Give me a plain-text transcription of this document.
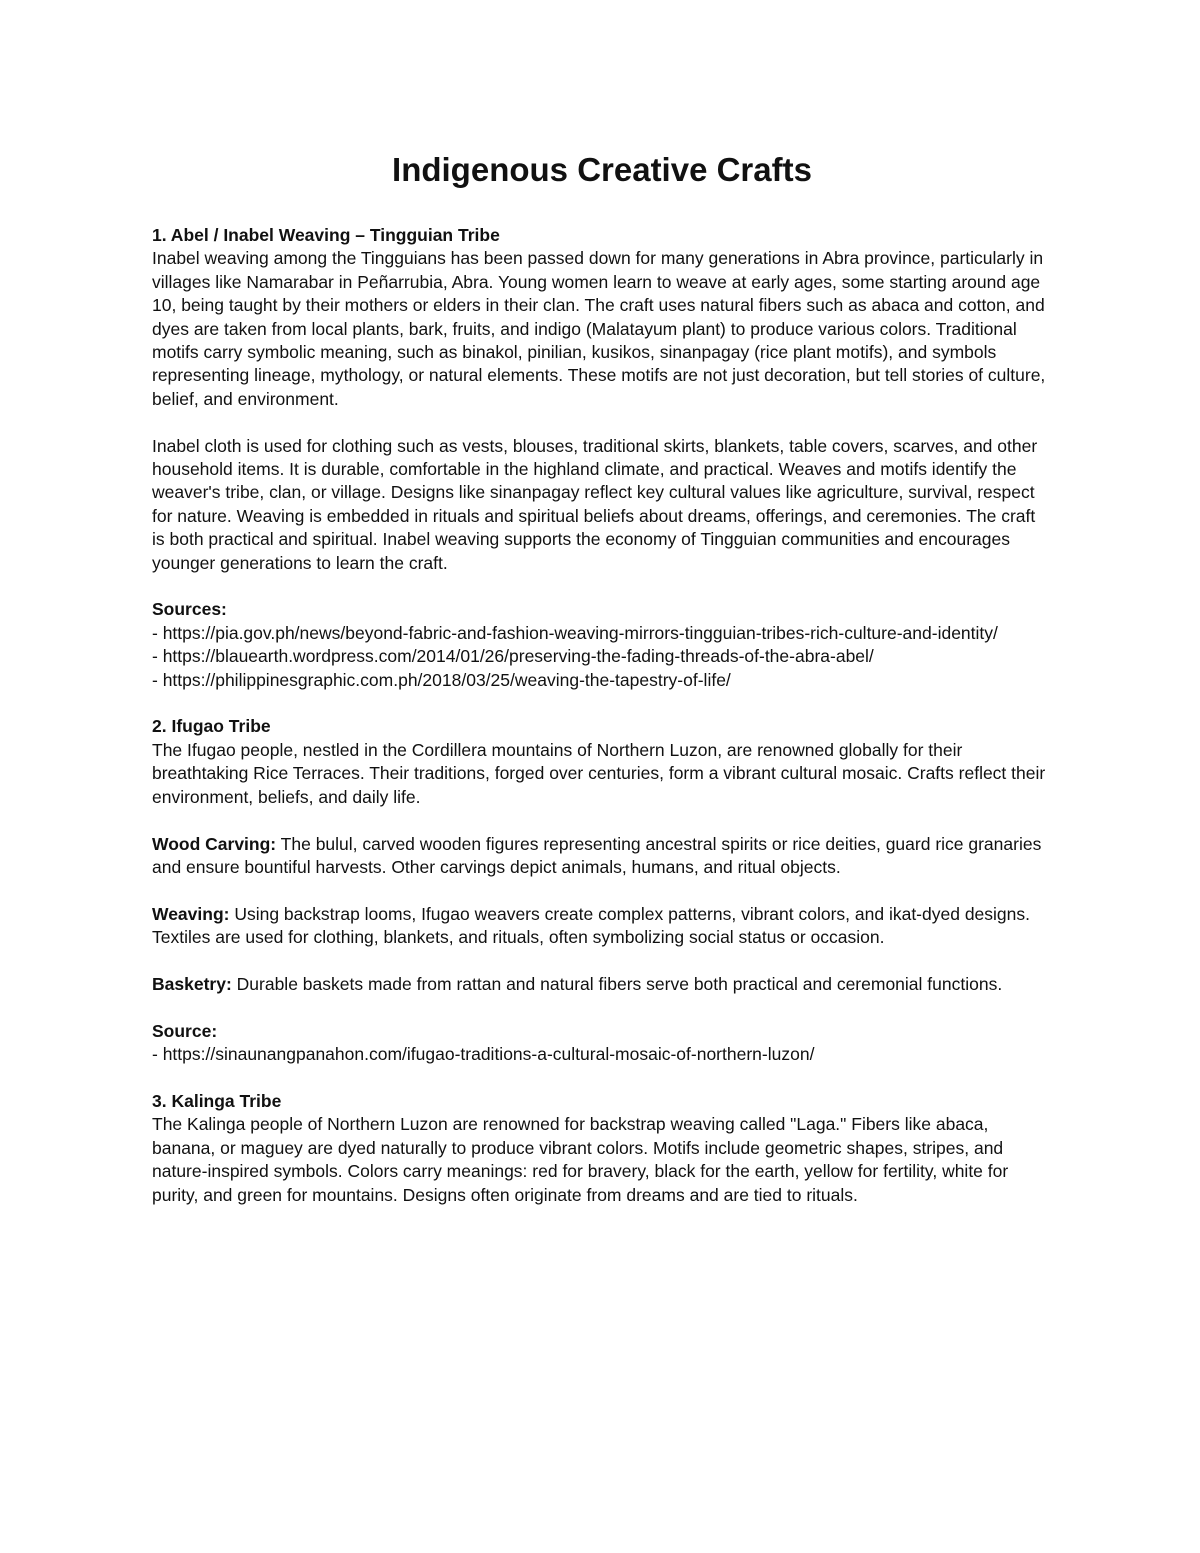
Indigenous Creative Crafts

1. Abel / Inabel Weaving – Tingguian Tribe

Inabel weaving among the Tingguians has been passed down for many generations in Abra province, particularly in villages like Namarabar in Peñarrubia, Abra. Young women learn to weave at early ages, some starting around age 10, being taught by their mothers or elders in their clan. The craft uses natural fibers such as abaca and cotton, and dyes are taken from local plants, bark, fruits, and indigo (Malatayum plant) to produce various colors. Traditional motifs carry symbolic meaning, such as binakol, pinilian, kusikos, sinanpagay (rice plant motifs), and symbols representing lineage, mythology, or natural elements. These motifs are not just decoration, but tell stories of culture, belief, and environment.

Inabel cloth is used for clothing such as vests, blouses, traditional skirts, blankets, table covers, scarves, and other household items. It is durable, comfortable in the highland climate, and practical. Weaves and motifs identify the weaver's tribe, clan, or village. Designs like sinanpagay reflect key cultural values like agriculture, survival, respect for nature. Weaving is embedded in rituals and spiritual beliefs about dreams, offerings, and ceremonies. The craft is both practical and spiritual. Inabel weaving supports the economy of Tingguian communities and encourages younger generations to learn the craft.

Sources:

- https://pia.gov.ph/news/beyond-fabric-and-fashion-weaving-mirrors-tingguian-tribes-rich-culture-and-identity/

- https://blauearth.wordpress.com/2014/01/26/preserving-the-fading-threads-of-the-abra-abel/

- https://philippinesgraphic.com.ph/2018/03/25/weaving-the-tapestry-of-life/

2. Ifugao Tribe

The Ifugao people, nestled in the Cordillera mountains of Northern Luzon, are renowned globally for their breathtaking Rice Terraces. Their traditions, forged over centuries, form a vibrant cultural mosaic. Crafts reflect their environment, beliefs, and daily life.

Wood Carving: The bulul, carved wooden figures representing ancestral spirits or rice deities, guard rice granaries and ensure bountiful harvests. Other carvings depict animals, humans, and ritual objects.

Weaving: Using backstrap looms, Ifugao weavers create complex patterns, vibrant colors, and ikat-dyed designs. Textiles are used for clothing, blankets, and rituals, often symbolizing social status or occasion.

Basketry: Durable baskets made from rattan and natural fibers serve both practical and ceremonial functions.

Source:

- https://sinaunangpanahon.com/ifugao-traditions-a-cultural-mosaic-of-northern-luzon/

3. Kalinga Tribe

The Kalinga people of Northern Luzon are renowned for backstrap weaving called "Laga." Fibers like abaca, banana, or maguey are dyed naturally to produce vibrant colors. Motifs include geometric shapes, stripes, and nature-inspired symbols. Colors carry meanings: red for bravery, black for the earth, yellow for fertility, white for purity, and green for mountains. Designs often originate from dreams and are tied to rituals.
